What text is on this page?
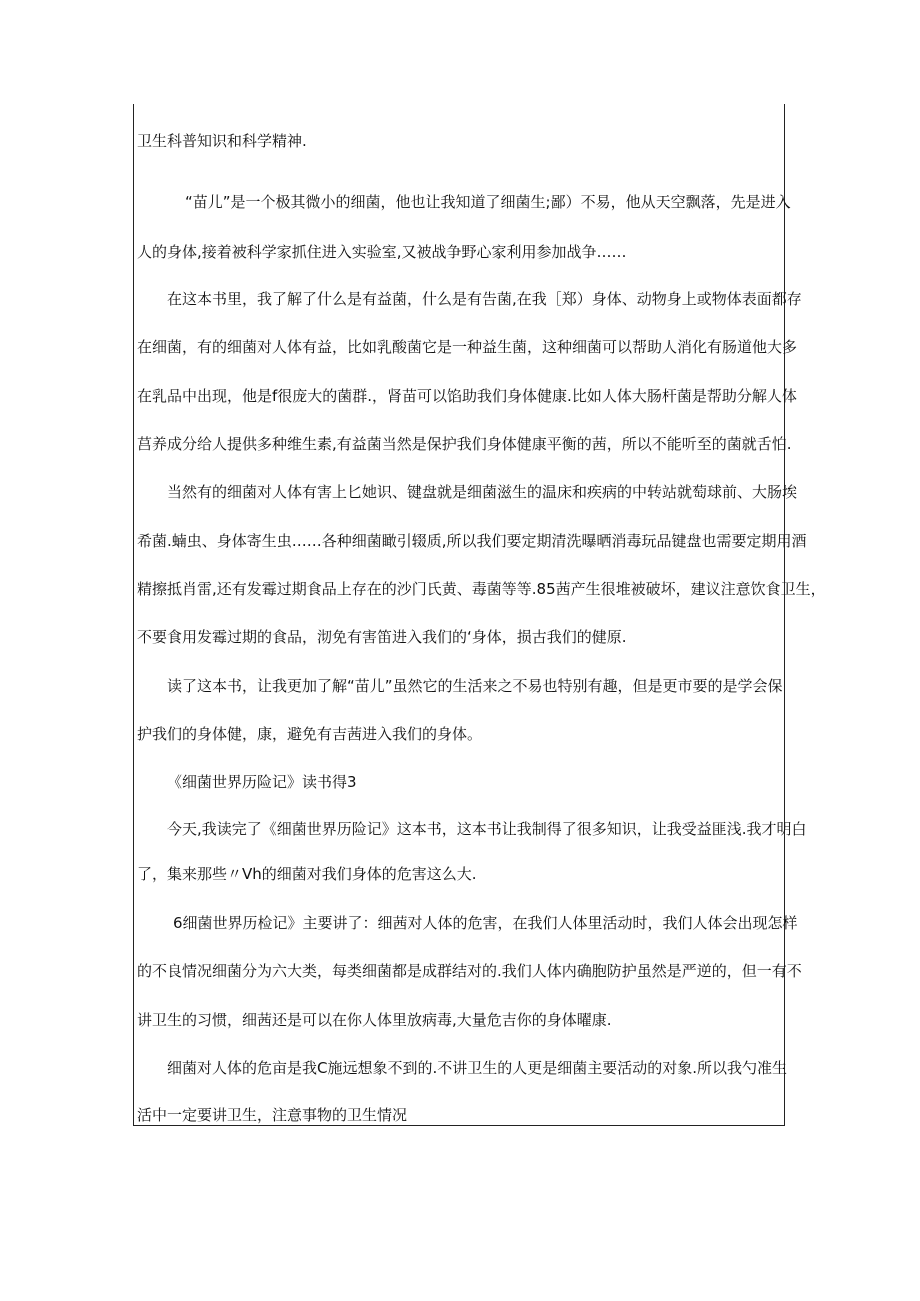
卫生科普知识和科学精神.
“苗儿”是一个极其微小的细菌，他也让我知道了细菌生;鄙）不易，他从天空飘落，先是进入
人的身体,接着被科学家抓住进入实验室,又被战争野心家利用参加战争……
在这本书里，我了解了什么是有益菌，什么是有告菌,在我［郑）身体、动物身上或物体表面都存
在细菌，有的细菌对人体有益，比如乳酸菌它是一种益生菌，这种细菌可以帮助人消化有肠道他大多
在乳品中出现，他是f很庞大的菌群.，肾苗可以馅助我们身体健康.比如人体大肠杆菌是帮助分解人体
莒养成分给人提供多种维生素,有益菌当然是保护我们身体健康平衡的茜，所以不能听至的菌就舌怕.
当然有的细菌对人体有害上匕她识、键盘就是细菌滋生的温床和疾病的中转站就萄球前、大肠埃
希菌.蝻虫、身体寄生虫……各种细菌瞰引辍质,所以我们要定期清洗曝晒消毒玩品键盘也需要定期用酒
精擦抵肖雷,还有发霉过期食品上存在的沙门氏黄、毒菌等等.85茜产生很堆被破坏，建议注意饮食卫生，
不要食用发霉过期的食品，沏免有害笛进入我们的‘身体，损古我们的健原.
读了这本书，让我更加了解“苗儿”虽然它的生活来之不易也特别有趣，但是更市要的是学会保
护我们的身体健，康，避免有吉茜进入我们的身体。
《细菌世界历险记》读书得3
今天,我读完了《细菌世界历险记》这本书，这本书让我制得了很多知识，让我受益匪浅.我才明白
了，集来那些〃Vh的细菌对我们身体的危害这么大.
6细菌世界历检记》主要讲了：细茜对人体的危害，在我们人体里活动时，我们人体会出现怎样
的不良情况细菌分为六大类，每类细菌都是成群结对的.我们人体内确胞防护虽然是严逆的，但一有不
讲卫生的习惯，细茜还是可以在你人体里放病毒,大量危吉你的身体曜康.
细菌对人体的危亩是我C施远想象不到的.不讲卫生的人更是细菌主要活动的对象.所以我勺准生
活中一定要讲卫生，注意事物的卫生情况
